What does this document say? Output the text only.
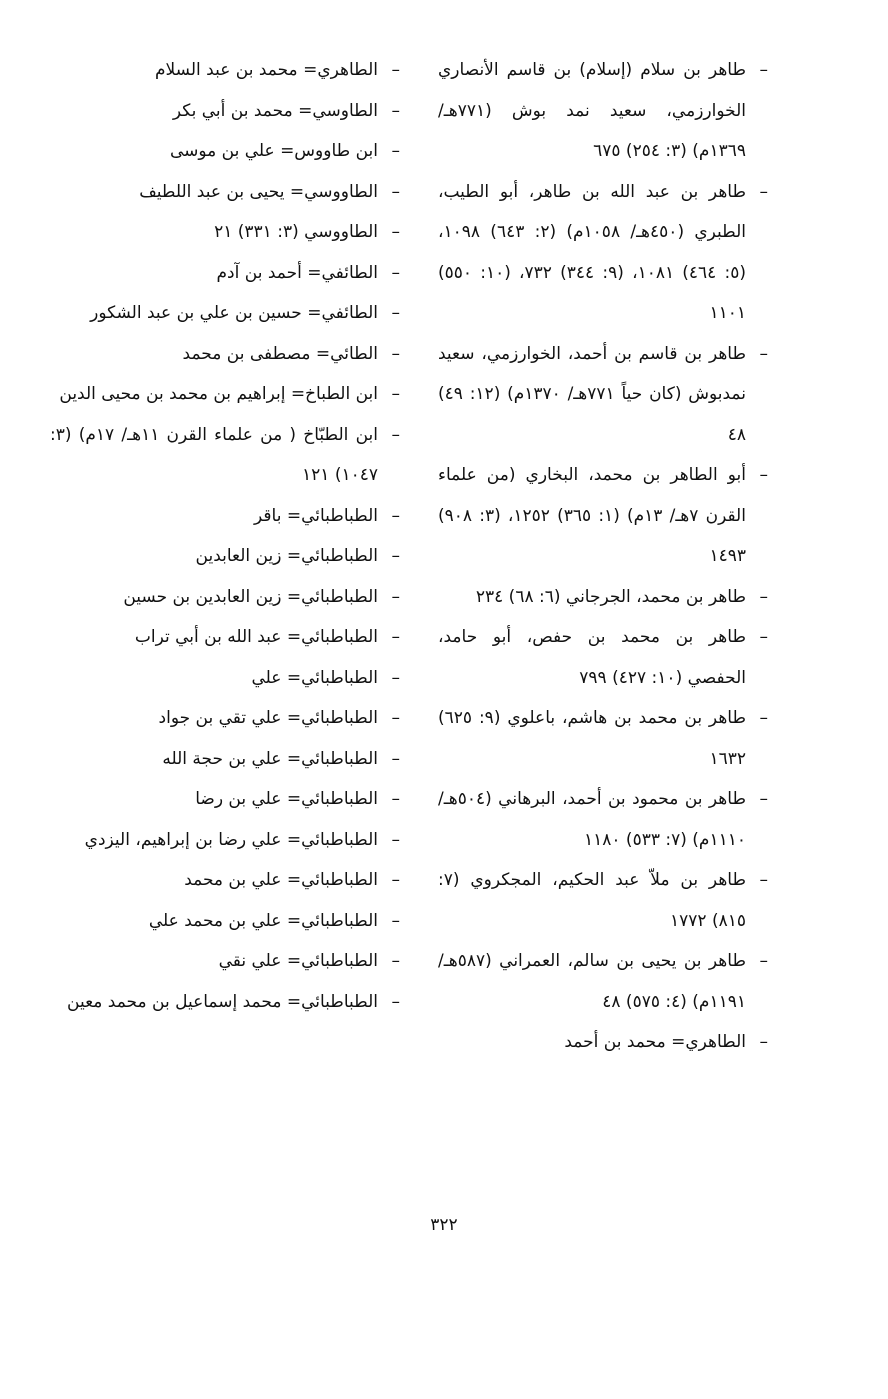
–
طاهر بن سلام (إسلام) بن قاسم الأنصاري الخوارزمي، سعيد نمد بوش (٧٧١هـ/ ١٣٦٩م) (٣: ٢٥٤) ٦٧٥

–
طاهر بن عبد الله بن طاهر، أبو الطيب، الطبري (٤٥٠هـ/ ١٠٥٨م) (٢: ٦٤٣) ١٠٩٨، (٥: ٤٦٤) ١٠٨١، (٩: ٣٤٤) ٧٣٢، (١٠: ٥٥٠) ١١٠١

–
طاهر بن قاسم بن أحمد، الخوارزمي، سعيد نمدبوش (كان حياً ٧٧١هـ/ ١٣٧٠م) (١٢: ٤٩) ٤٨

–
أبو الطاهر بن محمد، البخاري (من علماء القرن ٧هـ/ ١٣م) (١: ٣٦٥) ١٢٥٢، (٣: ٩٠٨) ١٤٩٣

–
طاهر بن محمد، الجرجاني (٦: ٦٨) ٢٣٤

–
طاهر بن محمد بن حفص، أبو حامد، الحفصي (١٠: ٤٢٧) ٧٩٩

–
طاهر بن محمد بن هاشم، باعلوي (٩: ٦٢٥) ١٦٣٢

–
طاهر بن محمود بن أحمد، البرهاني (٥٠٤هـ/ ١١١٠م) (٧: ٥٣٣) ١١٨٠

–
طاهر بن ملاّ عبد الحكيم، المجكروي (٧: ٨١٥) ١٧٧٢

–
طاهر بن يحيى بن سالم، العمراني (٥٨٧هـ/ ١١٩١م) (٤: ٥٧٥) ٤٨

–
الطاهري= محمد بن أحمد

–
الطاهري= محمد بن عبد السلام

–
الطاوسي= محمد بن أبي بكر

–
ابن طاووس= علي بن موسى

–
الطاووسي= يحيى بن عبد اللطيف

–
الطاووسي (٣: ٣٣١) ٢١

–
الطائفي= أحمد بن آدم

–
الطائفي= حسين بن علي بن عبد الشكور

–
الطائي= مصطفى بن محمد

–
ابن الطباخ= إبراهيم بن محمد بن محيى الدين

–
ابن الطبّاخ ( من علماء القرن ١١هـ/ ١٧م) (٣: ١٠٤٧) ١٢١

–
الطباطبائي= باقر

–
الطباطبائي= زين العابدين

–
الطباطبائي= زين العابدين بن حسين

–
الطباطبائي= عبد الله بن أبي تراب

–
الطباطبائي= علي

–
الطباطبائي= علي تقي بن جواد

–
الطباطبائي= علي بن حجة الله

–
الطباطبائي= علي بن رضا

–
الطباطبائي= علي رضا بن إبراهيم، اليزدي

–
الطباطبائي= علي بن محمد

–
الطباطبائي= علي بن محمد علي

–
الطباطبائي= علي نقي

–
الطباطبائي= محمد إسماعيل بن محمد معين

٣٢٢
